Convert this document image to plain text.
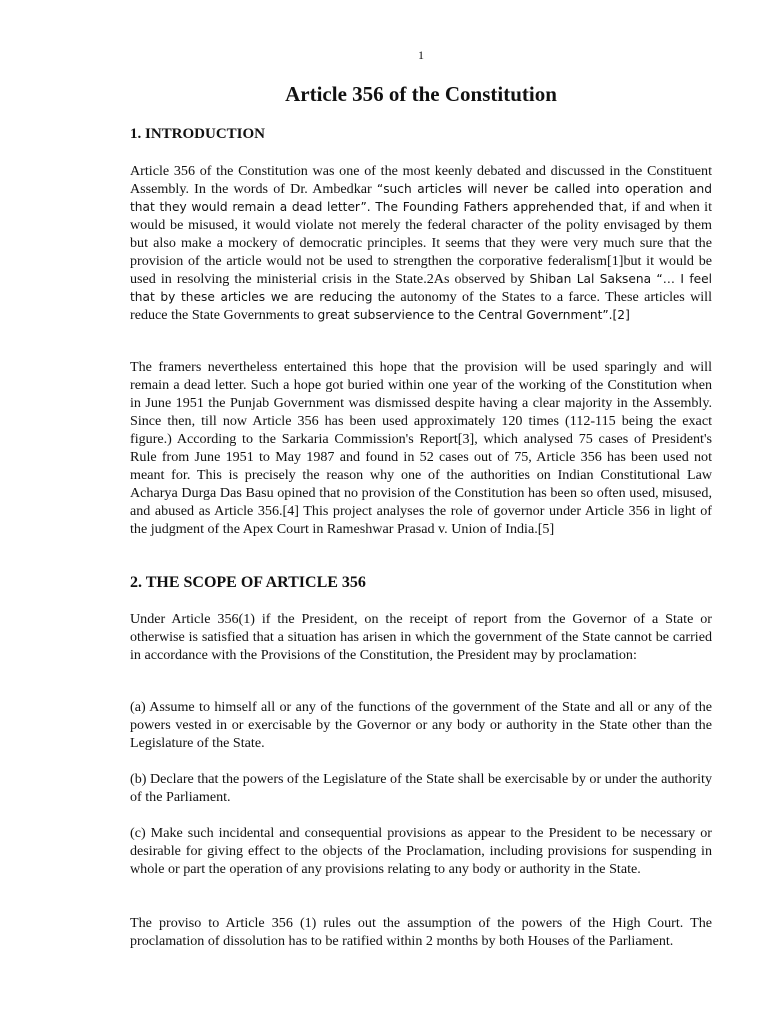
1
Article 356 of the Constitution
1. INTRODUCTION

Article 356 of the Constitution was one of the most keenly debated and discussed in the Constituent Assembly. In the words of Dr. Ambedkar “such articles will never be called into operation and that they would remain a dead letter”. The Founding Fathers apprehended that, if and when it would be misused, it would violate not merely the federal character of the polity envisaged by them but also make a mockery of democratic principles. It seems that they were very much sure that the provision of the article would not be used to strengthen the corporative federalism[1]but it would be used in resolving the ministerial crisis in the State.2As observed by Shiban Lal Saksena “… I feel that by these articles we are reducing the autonomy of the States to a farce. These articles will reduce the State Governments to great subservience to the Central Government”.[2]

The framers nevertheless entertained this hope that the provision will be used sparingly and will remain a dead letter. Such a hope got buried within one year of the working of the Constitution when in June 1951 the Punjab Government was dismissed despite having a clear majority in the Assembly. Since then, till now Article 356 has been used approximately 120 times (112-115 being the exact figure.) According to the Sarkaria Commission's Report[3], which analysed 75 cases of President's Rule from June 1951 to May 1987 and found in 52 cases out of 75, Article 356 has been used not meant for. This is precisely the reason why one of the authorities on Indian Constitutional Law Acharya Durga Das Basu opined that no provision of the Constitution has been so often used, misused, and abused as Article 356.[4] This project analyses the role of governor under Article 356 in light of the judgment of the Apex Court in Rameshwar Prasad v. Union of India.[5]

2. THE SCOPE OF ARTICLE 356

Under Article 356(1) if the President, on the receipt of report from the Governor of a State or otherwise is satisfied that a situation has arisen in which the government of the State cannot be carried in accordance with the Provisions of the Constitution, the President may by proclamation:

(a) Assume to himself all or any of the functions of the government of the State and all or any of the powers vested in or exercisable by the Governor or any body or authority in the State other than the Legislature of the State.

(b) Declare that the powers of the Legislature of the State shall be exercisable by or under the authority of the Parliament.

(c) Make such incidental and consequential provisions as appear to the President to be necessary or desirable for giving effect to the objects of the Proclamation, including provisions for suspending in whole or part the operation of any provisions relating to any body or authority in the State.

The proviso to Article 356 (1) rules out the assumption of the powers of the High Court. The proclamation of dissolution has to be ratified within 2 months by both Houses of the Parliament.
